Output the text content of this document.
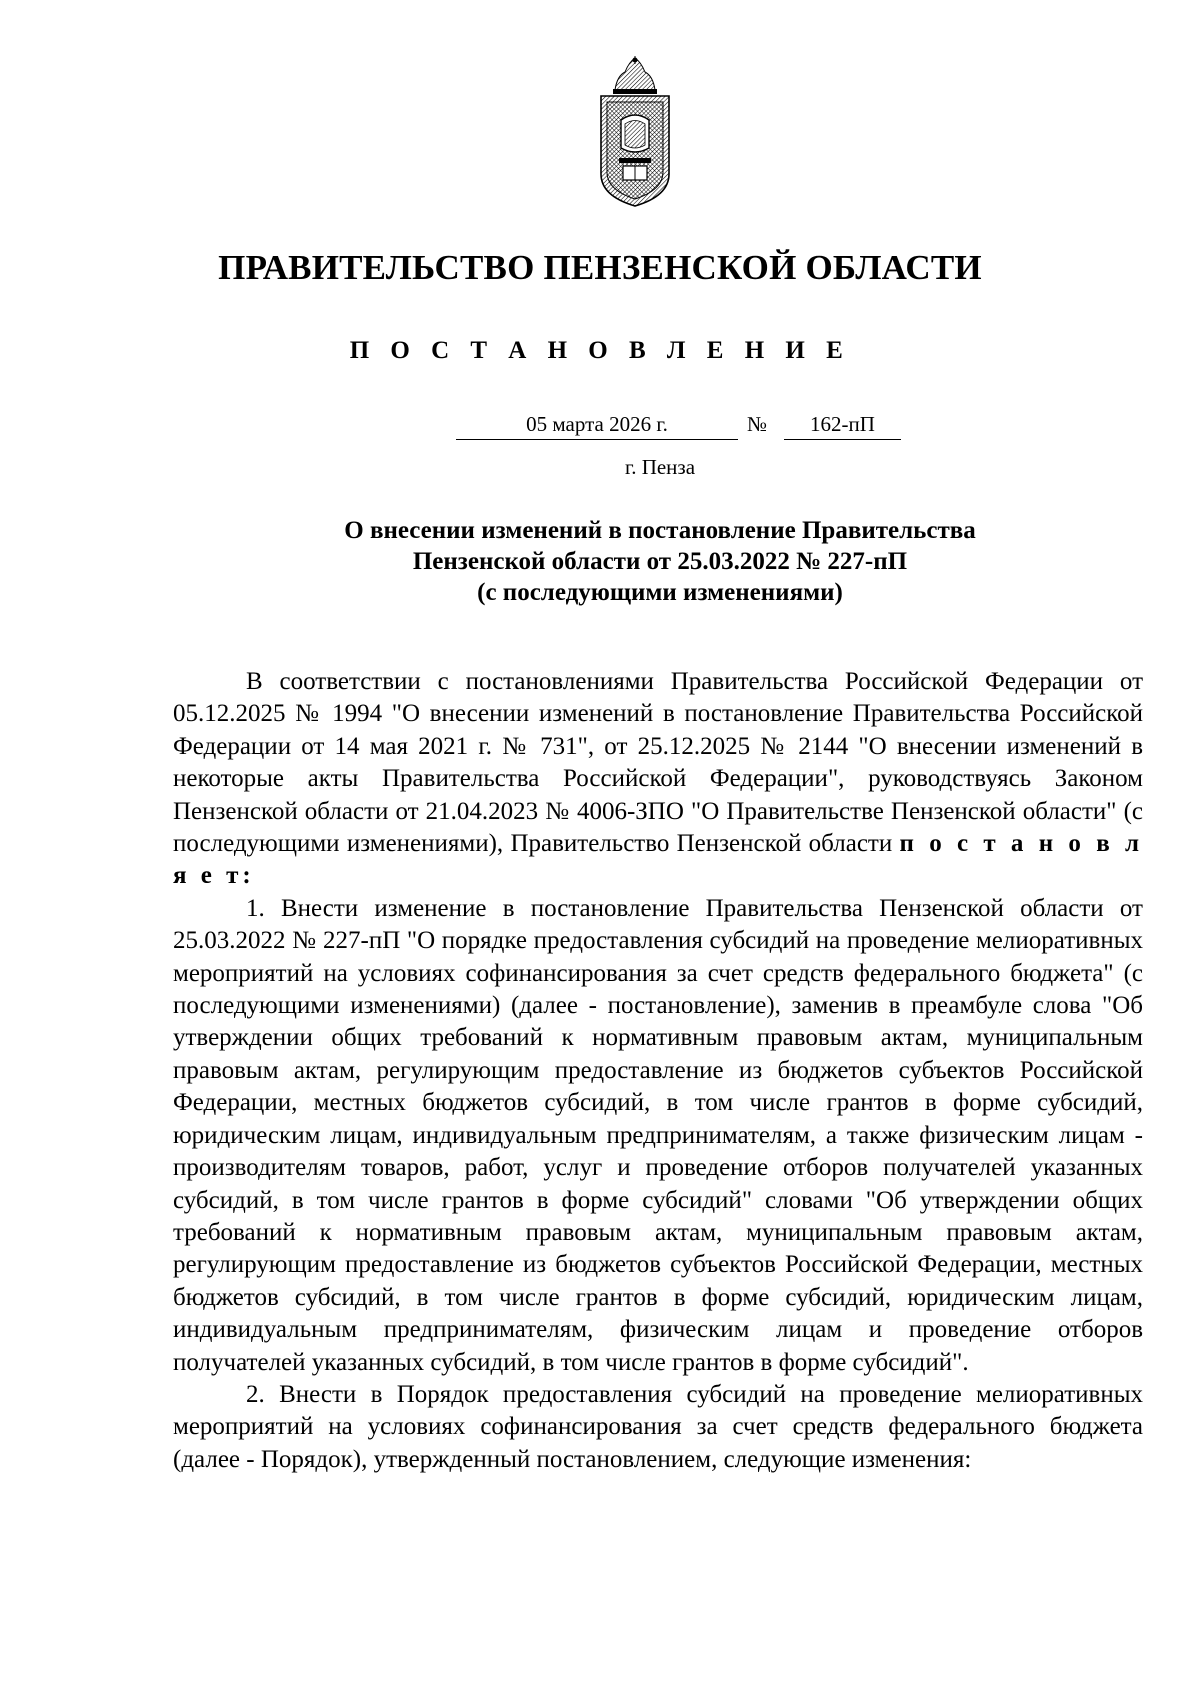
ПРАВИТЕЛЬСТВО ПЕНЗЕНСКОЙ ОБЛАСТИ
П О С Т А Н О В Л Е Н И Е
05 марта 2026 г.	№	162-пП
г. Пенза
О внесении изменений в постановление Правительства
Пензенской области от 25.03.2022 № 227-пП
(с последующими изменениями)

В соответствии с постановлениями Правительства Российской Федерации от 05.12.2025 № 1994 "О внесении изменений в постановление Правительства Российской Федерации от 14 мая 2021 г. № 731", от 25.12.2025 № 2144 "О внесении изменений в некоторые акты Правительства Российской Федерации", руководствуясь Законом Пензенской области от 21.04.2023 № 4006-ЗПО "О Правительстве Пензенской области" (с последующими изменениями), Правительство Пензенской области п о с т а н о в л я е т:

1. Внести изменение в постановление Правительства Пензенской области от 25.03.2022 № 227-пП "О порядке предоставления субсидий на проведение мелиоративных мероприятий на условиях софинансирования за счет средств федерального бюджета" (с последующими изменениями) (далее - постановление), заменив в преамбуле слова "Об утверждении общих требований к нормативным правовым актам, муниципальным правовым актам, регулирующим предоставление из бюджетов субъектов Российской Федерации, местных бюджетов субсидий, в том числе грантов в форме субсидий, юридическим лицам, индивидуальным предпринимателям, а также физическим лицам - производителям товаров, работ, услуг и проведение отборов получателей указанных субсидий, в том числе грантов в форме субсидий" словами "Об утверждении общих требований к нормативным правовым актам, муниципальным правовым актам, регулирующим предоставление из бюджетов субъектов Российской Федерации, местных бюджетов субсидий, в том числе грантов в форме субсидий, юридическим лицам, индивидуальным предпринимателям, физическим лицам и проведение отборов получателей указанных субсидий, в том числе грантов в форме субсидий".

2. Внести в Порядок предоставления субсидий на проведение мелиоративных мероприятий на условиях софинансирования за счет средств федерального бюджета (далее - Порядок), утвержденный постановлением, следующие изменения:
